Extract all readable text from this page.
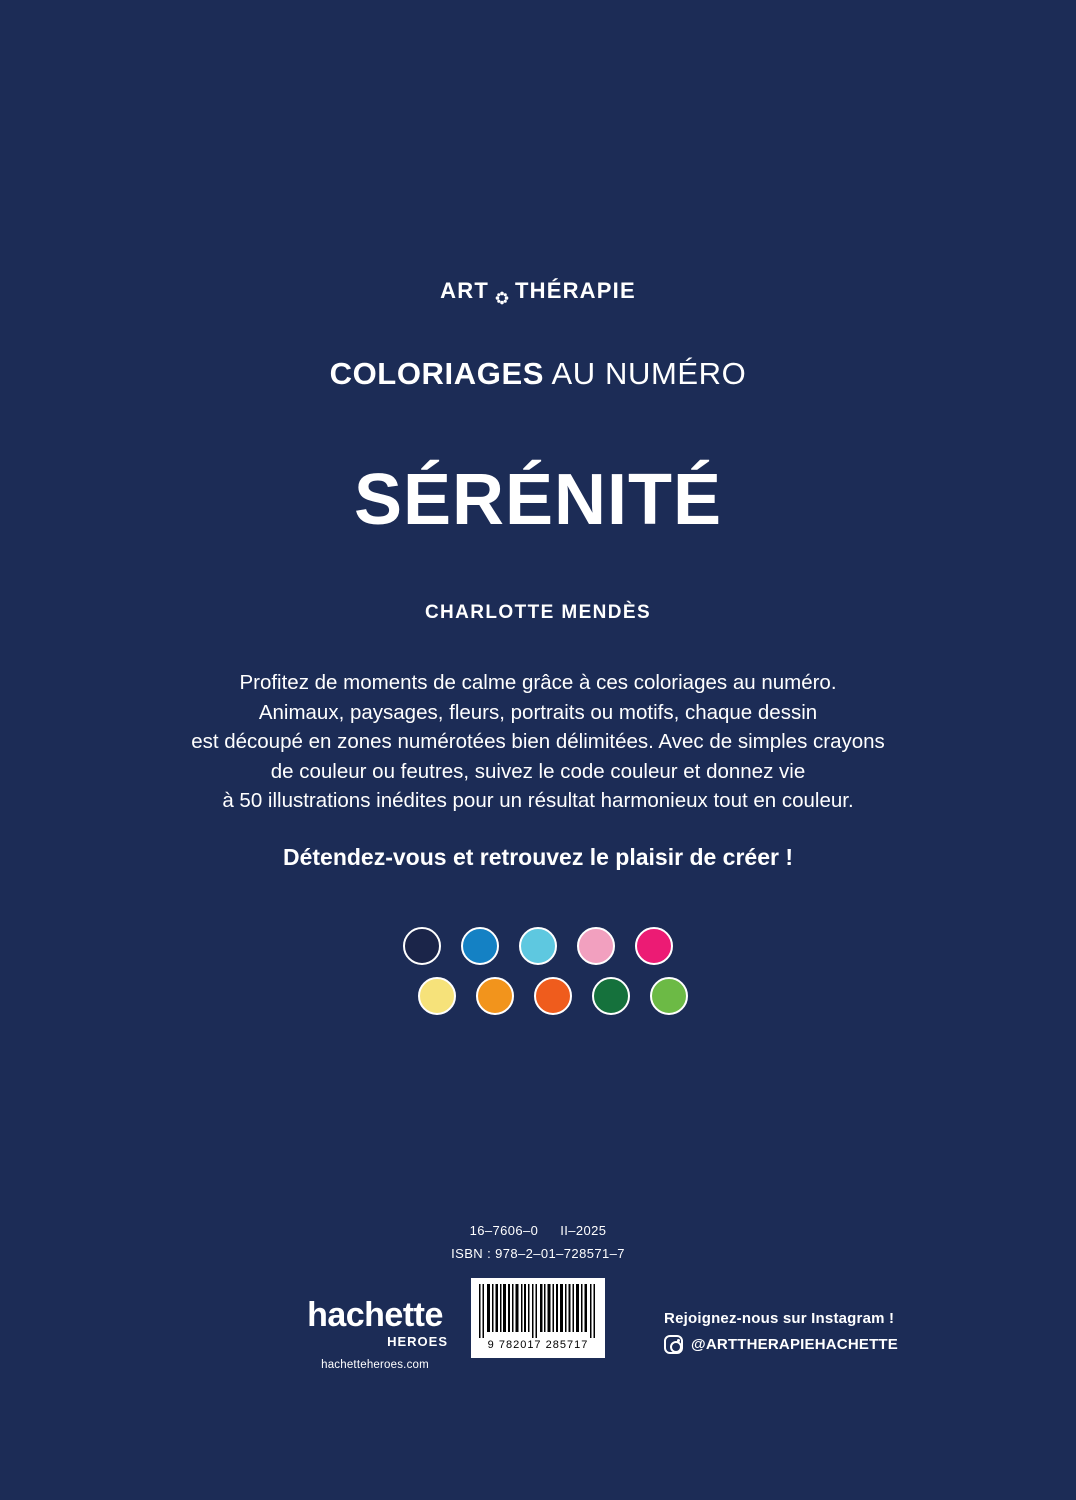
ART THÉRAPIE
COLORIAGES AU NUMÉRO
SÉRÉNITÉ
CHARLOTTE MENDÈS
Profitez de moments de calme grâce à ces coloriages au numéro.
Animaux, paysages, fleurs, portraits ou motifs, chaque dessin
est découpé en zones numérotées bien délimitées. Avec de simples crayons
de couleur ou feutres, suivez le code couleur et donnez vie
à 50 illustrations inédites pour un résultat harmonieux tout en couleur.
Détendez-vous et retrouvez le plaisir de créer !
16–7606–0 II–2025
ISBN : 978–2–01–728571–7
9 782017 285717
hachette
HEROES
hachetteheroes.com
Rejoignez-nous sur Instagram !
@ARTTHERAPIEHACHETTE
